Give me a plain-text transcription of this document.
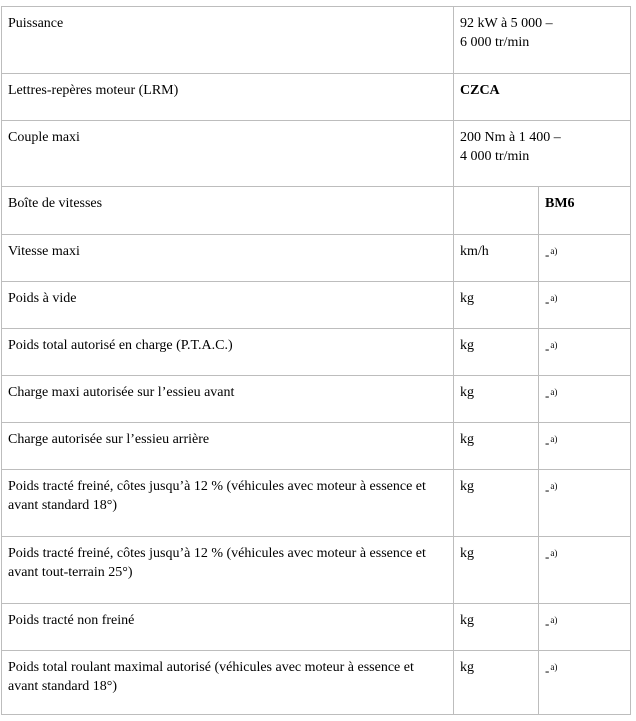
Puissance	92 kW à 5 000 –
6 000 tr/min	
Lettres-repères moteur (LRM)	CZCA	
Couple maxi	200 Nm à 1 400 –
4 000 tr/min	
Boîte de vitesses		BM6
Vitesse maxi	km/h	-$^{a)}$
Poids à vide	kg	-$^{a)}$
Poids total autorisé en charge (P.T.A.C.)	kg	-$^{a)}$
Charge maxi autorisée sur l’essieu avant	kg	-$^{a)}$
Charge autorisée sur l’essieu arrière	kg	-$^{a)}$
Poids tracté freiné, côtes jusqu’à 12 % (véhicules avec moteur à essence et avant standard 18°)	kg	-$^{a)}$
Poids tracté freiné, côtes jusqu’à 12 % (véhicules avec moteur à essence et avant tout-terrain 25°)	kg	-$^{a)}$
Poids tracté non freiné	kg	-$^{a)}$
Poids total roulant maximal autorisé (véhicules avec moteur à essence et avant standard 18°)	kg	-$^{a)}$
